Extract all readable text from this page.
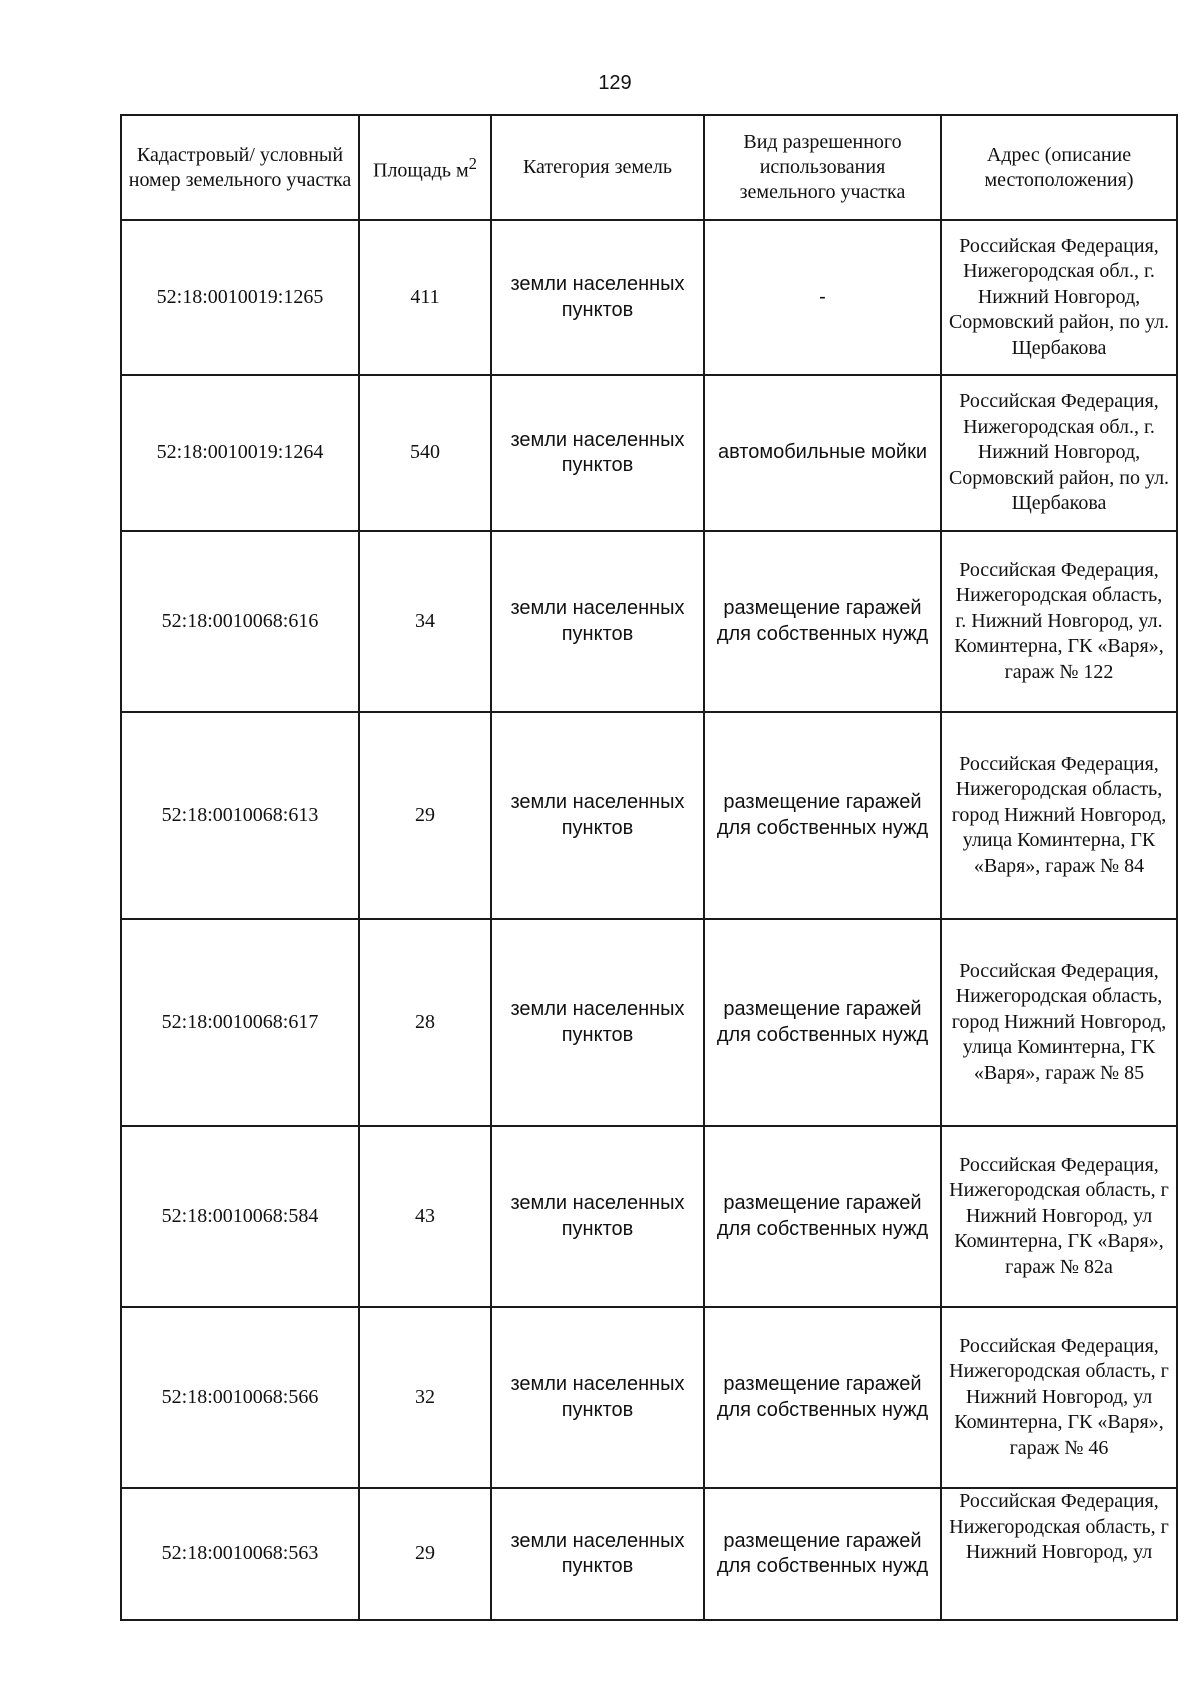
129
Кадастровый/ условный номер земельного участка	Площадь $м^2$	Категория земель	Вид разрешенного использования земельного участка	Адрес (описание местоположения)
52:18:0010019:1265	411	земли населенных пунктов	-	Российская Федерация, Нижегородская обл., г. Нижний Новгород, Сормовский район, по ул. Щербакова
52:18:0010019:1264	540	земли населенных пунктов	автомобильные мойки	Российская Федерация, Нижегородская обл., г. Нижний Новгород, Сормовский район, по ул. Щербакова
52:18:0010068:616	34	земли населенных пунктов	размещение гаражей для собственных нужд	Российская Федерация, Нижегородская область, г. Нижний Новгород, ул. Коминтерна, ГК «Варя», гараж № 122
52:18:0010068:613	29	земли населенных пунктов	размещение гаражей для собственных нужд	Российская Федерация, Нижегородская область, город Нижний Новгород, улица Коминтерна, ГК «Варя», гараж № 84
52:18:0010068:617	28	земли населенных пунктов	размещение гаражей для собственных нужд	Российская Федерация, Нижегородская область, город Нижний Новгород, улица Коминтерна, ГК «Варя», гараж № 85
52:18:0010068:584	43	земли населенных пунктов	размещение гаражей для собственных нужд	Российская Федерация, Нижегородская область, г Нижний Новгород, ул Коминтерна, ГК «Варя», гараж № 82а
52:18:0010068:566	32	земли населенных пунктов	размещение гаражей для собственных нужд	Российская Федерация, Нижегородская область, г Нижний Новгород, ул Коминтерна, ГК «Варя», гараж № 46
52:18:0010068:563	29	земли населенных пунктов	размещение гаражей для собственных нужд	Российская Федерация, Нижегородская область, г Нижний Новгород, ул
